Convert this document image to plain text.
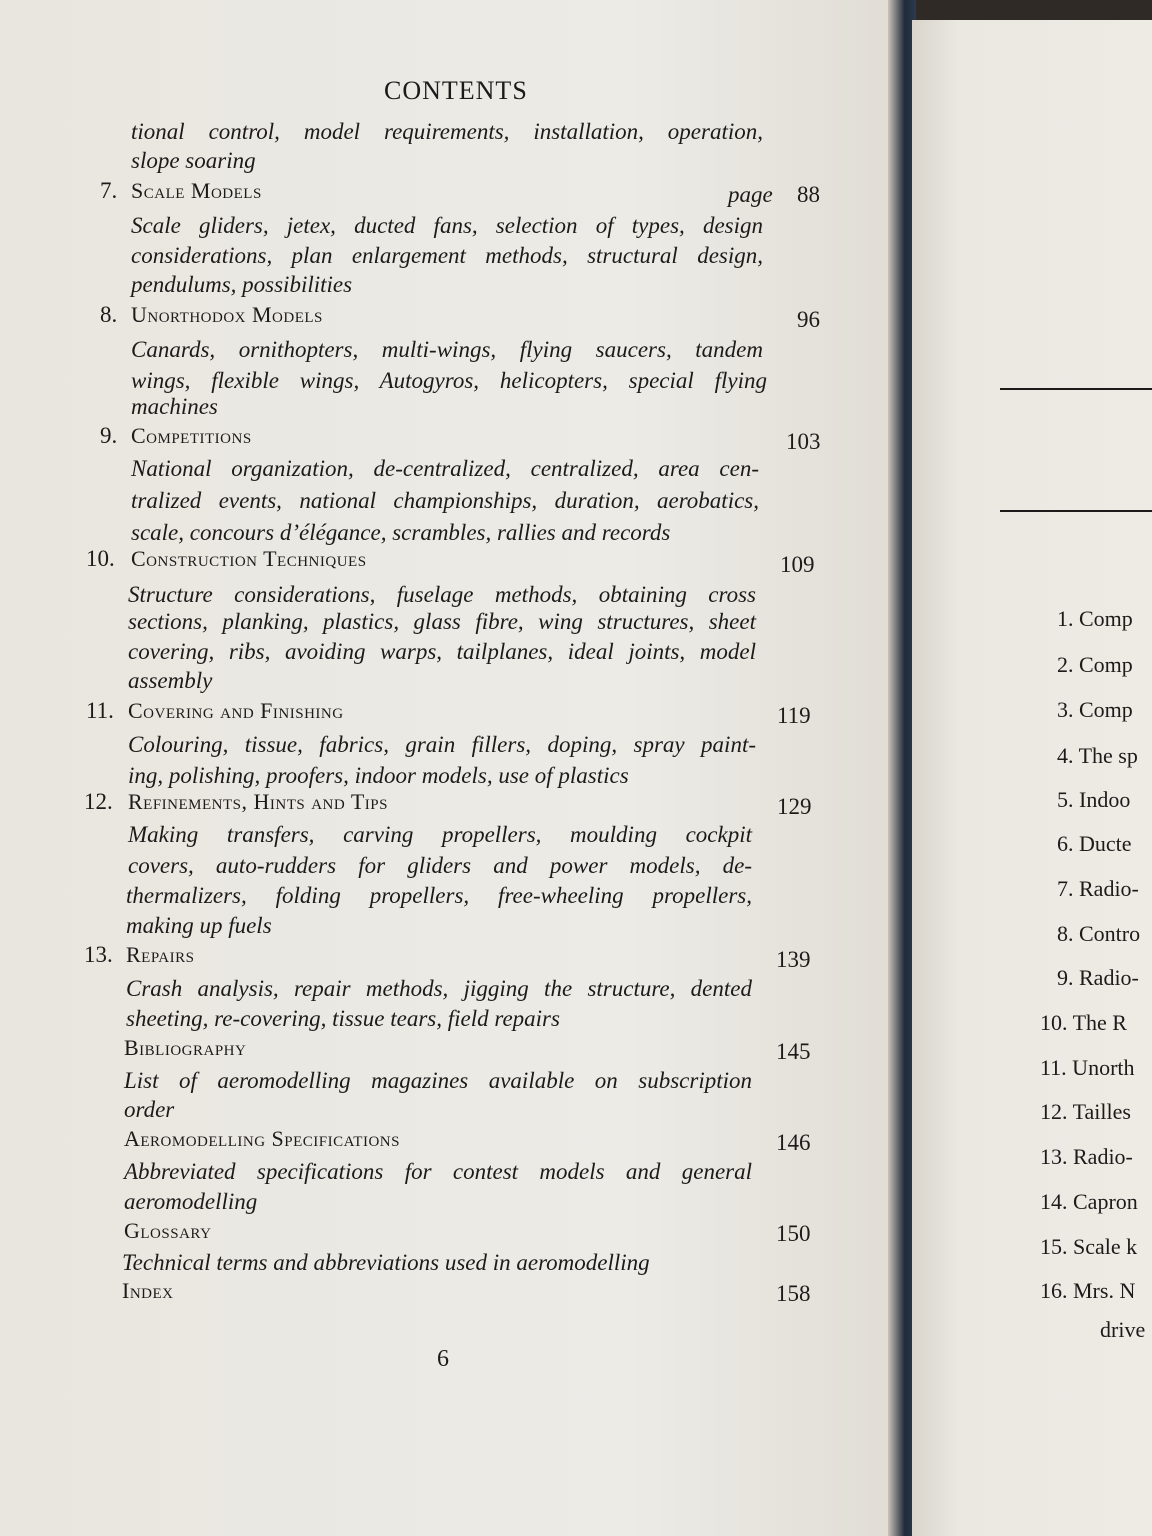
CONTENTS
tional control, model requirements, installation, operation,
slope soaring
7. Scale Models	page 88
Scale gliders, jetex, ducted fans, selection of types, design
considerations, plan enlargement methods, structural design,
pendulums, possibilities
8. Unorthodox Models	96
Canards, ornithopters, multi-wings, flying saucers, tandem
wings, flexible wings, Autogyros, helicopters, special flying
machines
9. Competitions	103
National organization, de-centralized, centralized, area cen-
tralized events, national championships, duration, aerobatics,
scale, concours d’élégance, scrambles, rallies and records
10. Construction Techniques	109
Structure considerations, fuselage methods, obtaining cross
sections, planking, plastics, glass fibre, wing structures, sheet
covering, ribs, avoiding warps, tailplanes, ideal joints, model
assembly
11. Covering and Finishing	119
Colouring, tissue, fabrics, grain fillers, doping, spray paint-
ing, polishing, proofers, indoor models, use of plastics
12. Refinements, Hints and Tips	129
Making transfers, carving propellers, moulding cockpit
covers, auto-rudders for gliders and power models, de-
thermalizers, folding propellers, free-wheeling propellers,
making up fuels
13. Repairs	139
Crash analysis, repair methods, jigging the structure, dented
sheeting, re-covering, tissue tears, field repairs
Bibliography	145
List of aeromodelling magazines available on subscription
order
Aeromodelling Specifications	146
Abbreviated specifications for contest models and general
aeromodelling
Glossary	150
Technical terms and abbreviations used in aeromodelling
Index	158
6
1. Comp
2. Comp
3. Comp
4. The sp
5. Indoo
6. Ducte
7. Radio-
8. Contro
9. Radio-
10. The R
11. Unorth
12. Tailles
13. Radio-
14. Capron
15. Scale k
16. Mrs. N
drive
